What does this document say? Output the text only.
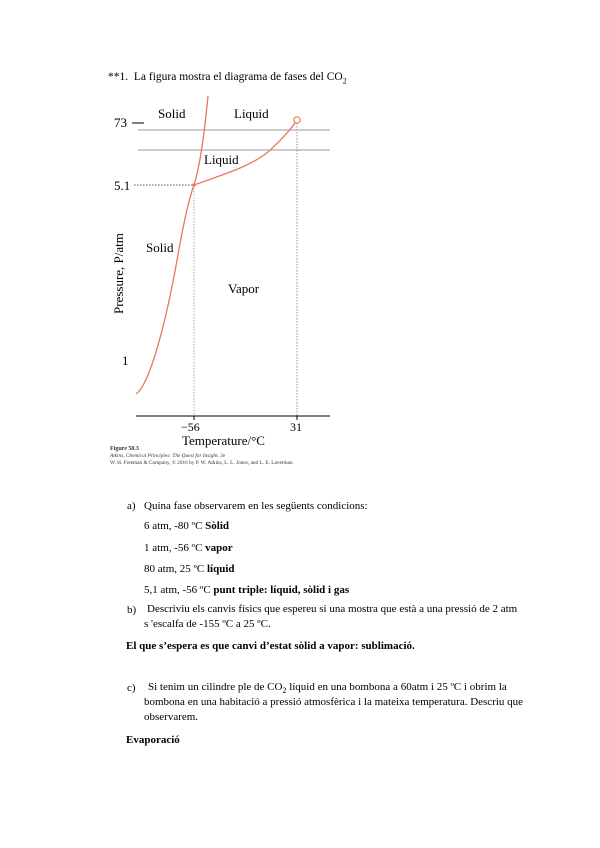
**1. La figura mostra el diagrama de fases del $CO_2$
73
5.1
1
−56	31
Pressure, P/atm
Temperature/°C
Solid	Liquid
Liquid
Solid
Vapor
Figure 50.3
Atkins, Chemical Principles: The Quest for Insight, 3e
W. H. Freeman & Company, © 2016 by P. W. Atkins, L. L. Jones, and L. E. Laverman
a) Quina fase observarem en les següents condicions:
6 atm, -80 ºC Sòlid
1 atm, -56 ºC vapor
80 atm, 25 ºC líquid
5,1 atm, -56 ºC punt triple: líquid, sòlid i gas
b) Descriviu els canvis físics que espereu si una mostra que està a una pressió de 2 atm
s 'escalfa de -155 ºC a 25 ºC.
El que s’espera es que canvi d’estat sòlid a vapor: sublimació.
c) Si tenim un cilindre ple de $CO_2$ líquid en una bombona a 60atm i 25 ºC i obrim la
bombona en una habitació a pressió atmosfèrica i la mateixa temperatura. Descriu que
observarem.
Evaporació
